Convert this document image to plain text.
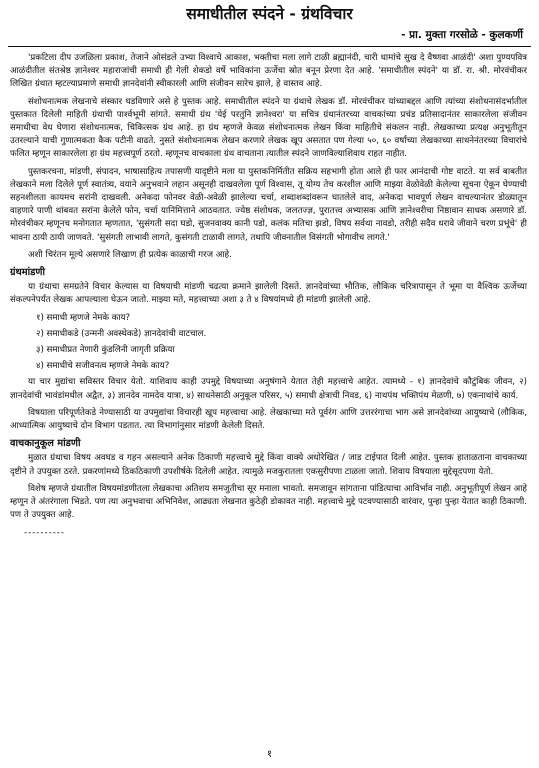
समाधीतील स्पंदने - ग्रंथविचार
- प्रा. मुक्ता गरसोळे - कुलकर्णी

'प्रकटिला दीप उजळिला प्रकाश, तेजाने ओसंडले उभ्या विश्वाचे आकाश, भक्तीचा मला लागे टाळी ब्रह्मानंदी, चारी धामांचे सुख दे वैष्णवा आळंदी' अशा पुण्यपवित्र आळंदीतील संतश्रेष्ठ ज्ञानेश्वर महाराजांची समाधी ही गेली शेकडो वर्षे भाविकांना ऊर्जेचा स्रोत बनून प्रेरणा देत आहे. 'समाधीतील स्पंदने' या डॉ. रा. श्री. मोरवंचीकर लिखित ग्रंथात म्हटल्याप्रमाणे समाधी ज्ञानदेवांनी स्वीकारली आणि संजीवन सारेच झाले, हे वास्तव आहे.

संशोधनात्मक लेखनाचे संस्कार घडविणारे असे हे पुस्तक आहे. समाधीतील स्पंदने या ग्रंथाचे लेखक डॉ. मोरवंचीकर यांच्याबद्दल आणि त्यांच्या संशोधनासंदर्भातील पुस्तकात दिलेली माहिती ग्रंथाची पार्श्वभूमी सांगते. समाधी ग्रंथ 'येई परतुनि ज्ञानेश्वरा' या सचित्र ग्रंथानंतरच्या वाचकांच्या प्रचंड प्रतिसादानंतर साकारलेला संजीवन समाधीचा वेध घेणारा संशोधनात्मक, चिकित्सक ग्रंथ आहे. हा ग्रंथ म्हणजे केवळ संशोधनात्मक लेखन किंवा माहितीचे संकलन नाही. लेखकाच्या प्रत्यक्ष अनुभूतीतून उतरल्याने याची गुणात्मकता कैक पटीनी वाढते. नुसते संशोधनात्मक लेखन करणारे लेखक खूप असतात पण गेल्या ५०, ६० वर्षांच्या लेखकाच्या साधनेनंतरच्या विचारांचे फलित म्हणून साकारलेला हा ग्रंथ महत्त्वपूर्ण ठरतो. म्हणूनच वाचकाला ग्रंथ वाचताना त्यातील स्पंदने जाणविल्याशिवाय राहत नाहीत.

पुस्तकरचना, मांडणी, संपादन, भाषासाहित्य तपासणी यादृष्टीने मला या पुस्तकनिर्मितीत सक्रिय सहभागी होता आले ही फार आनंदाची गोष्ट वाटते. या सर्व बाबतीत लेखकाने मला दिलेले पूर्ण स्वातंत्र्य, वयाने अनुभवाने लहान असूनही दाखवलेला पूर्ण विश्वास, तू योग्य तेच करशील आणि माझ्या वेळोवेळी केलेल्या सूचना ऐकून घेण्याची सहनशीलता कायमच सरांनी दाखवली. अनेकदा फोनवर वेळी-अवेळी झालेल्या चर्चा, शब्दाशब्दांवरून घातलेले वाद, अनेकदा भावपूर्ण लेखन वाचल्यानंतर डोळ्यातून वाहणारे पाणी थांबवत सरांना केलेले फोन, चर्चा यानिमित्ताने आठवतात. ज्येष्ठ संशोधक, जलतज्ज्ञ, पुरातत्त्व अभ्यासक आणि ज्ञानेश्वरीचा निष्ठावान साधक असणारे डॉ. मोरवंचीकर म्हणूनच मनोगतात म्हणतात, 'सुसंगती सदा घडो, सुजनवाक्य कानी पडो, कलंक मतिचा झडो, विषय सर्वथा नावडो, तरीही सदैव धरावे जीवाने चरण प्रभूंचे' ही भावना ठायी ठायी जाणवते. 'सुसंगती लाभावी लागते, कुसंगती टाळावी लागते, तथापि जीवनातील विसंगती भोगावीच लागते.'

अशी चिरंतन मूल्ये असणारे लिखाण ही प्रत्येक काळाची गरज आहे.

ग्रंथमांडणी

या ग्रंथाचा समग्रतेने विचार केल्यास या विषयाची मांडणी चढत्या क्रमाने झालेली दिसते. ज्ञानदेवांच्या भौतिक, लौकिक चरित्रापासून ते भूमा या वैश्विक ऊर्जेच्या संकल्पनेपर्यंत लेखक आपल्याला घेऊन जातो. माझ्या मते, महत्त्वाच्या अशा ३ ते ४ विषयांमध्ये ही मांडणी झालेली आहे.

१) समाधी म्हणजे नेमके काय?
२) समाधीकडे (उन्मनी अवस्थेकडे) ज्ञानदेवांची वाटचाल.
३) समाधीप्रत नेणारी कुंडलिनी जागृती प्रक्रिया
४) समाधीचे सजीवनत्व म्हणजे नेमके काय?

या चार मुद्यांचा सविस्तर विचार येतो. याशिवाय काही उपमुद्दे विषयाच्या अनुषंगाने येतात तेही महत्त्वाचे आहेत. त्यामध्ये - १) ज्ञानदेवांचे कौटुंबिक जीवन, २) ज्ञानदेवांची भावंडांमधील अद्वैत, ३) ज्ञानदेव नामदेव यात्रा, ४) साधनेसाठी अनुकूल परिसर, ५) समाधी क्षेत्राची निवड, ६) नाथपंथ भक्तिपंथ मेळणी, ७) एकनाथांचे कार्य.

विषयाला परिपूर्णतेकडे नेण्यासाठी या उपमुद्यांचा विचारही खूप महत्त्वाचा आहे. लेखकाच्या मते पूर्वरंग आणि उत्तररंगाचा भाग असे ज्ञानदेवांच्या आयुष्याचे (लौकिक, आध्यात्मिक आयुष्याचे दोन विभाग पडतात. त्या विभागांनुसार मांडणी केलेली दिसते.

वाचकानुकूल मांडणी

मुळात ग्रंथाचा विषय अवघड व गहन असल्याने अनेक ठिकाणी महत्त्वाचे मुद्दे किंवा वाक्ये अधोरेखित / जाड टाईपात दिली आहेत. पुस्तक हाताळताना वाचकाच्या दृष्टीने ते उपयुक्त ठरते. प्रकरणांमध्ये ठिकठिकाणी उपशीर्षके दिलेली आहेत. त्यामुळे मजकुरातला एकसुरीपणा टाळला जातो. शिवाय विषयाला मुद्देसूदपणा येतो.

विशेष म्हणजे ग्रंथातील विषयमांडणीतला लेखकाचा अतिशय समजुतीचा सूर मनाला भावतो. समजावून सांगताना पांडित्याचा आविर्भाव नाही. अनुभूतीपूर्ण लेखन आहे म्हणून ते अंतरंगाला भिडते. पण त्या अनुभवाचा अभिनिवेश, आढ्यता लेखनात कुठेही डोकावत नाही. महत्त्वाचे मुद्दे पटवण्यासाठी वारंवार, पुन्हा पुन्हा येतात काही ठिकाणी. पण ते उपयुक्त आहे.

----------
१
